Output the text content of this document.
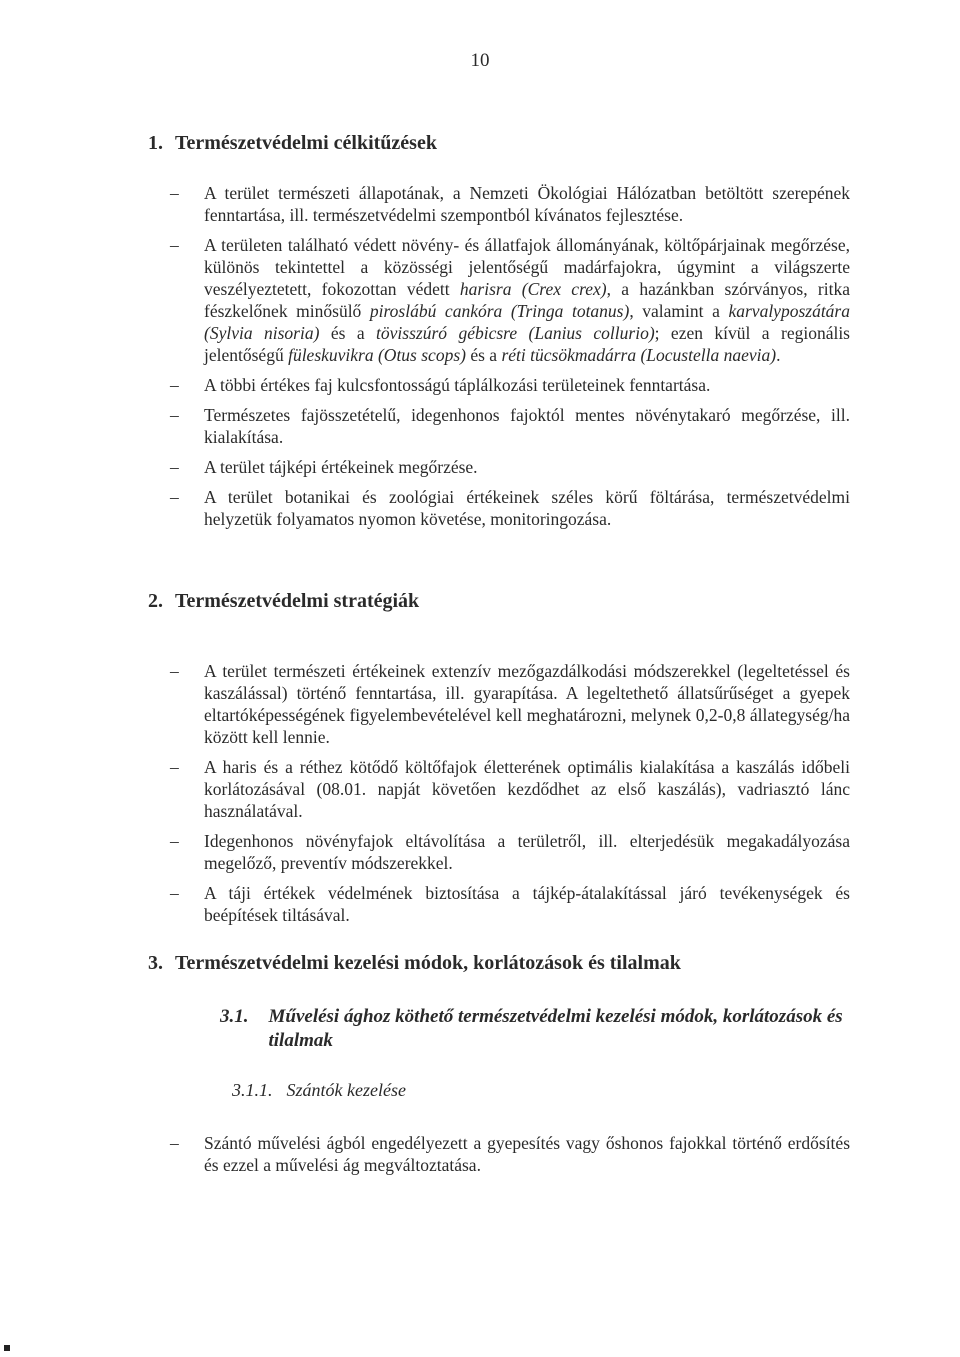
10
1. Természetvédelmi célkitűzések
– A terület természeti állapotának, a Nemzeti Ökológiai Hálózatban betöltött szerepének fenntartása, ill. természetvédelmi szempontból kívánatos fejlesztése.
– A területen található védett növény- és állatfajok állományának, költőpárjainak megőrzése, különös tekintettel a közösségi jelentőségű madárfajokra, úgymint a világszerte veszélyeztetett, fokozottan védett harisra (Crex crex), a hazánkban szórványos, ritka fészkelőnek minősülő piroslábú cankóra (Tringa totanus), valamint a karvalyposzátára (Sylvia nisoria) és a tövisszúró gébicsre (Lanius collurio); ezen kívül a regionális jelentőségű füleskuvikra (Otus scops) és a réti tücsökmadárra (Locustella naevia).
– A többi értékes faj kulcsfontosságú táplálkozási területeinek fenntartása.
– Természetes fajösszetételű, idegenhonos fajoktól mentes növénytakaró megőrzése, ill. kialakítása.
– A terület tájképi értékeinek megőrzése.
– A terület botanikai és zoológiai értékeinek széles körű föltárása, természetvédelmi helyzetük folyamatos nyomon követése, monitoringozása.
2. Természetvédelmi stratégiák
– A terület természeti értékeinek extenzív mezőgazdálkodási módszerekkel (legeltetéssel és kaszálással) történő fenntartása, ill. gyarapítása. A legeltethető állatsűrűséget a gyepek eltartóképességének figyelembevételével kell meghatározni, melynek 0,2-0,8 állategység/ha között kell lennie.
– A haris és a réthez kötődő költőfajok életterének optimális kialakítása a kaszálás időbeli korlátozásával (08.01. napját követően kezdődhet az első kaszálás), vadriasztó lánc használatával.
– Idegenhonos növényfajok eltávolítása a területről, ill. elterjedésük megakadályozása megelőző, preventív módszerekkel.
– A táji értékek védelmének biztosítása a tájkép-átalakítással járó tevékenységek és beépítések tiltásával.
3. Természetvédelmi kezelési módok, korlátozások és tilalmak
3.1. Művelési ághoz köthető természetvédelmi kezelési módok, korlátozások és tilalmak
3.1.1. Szántók kezelése
– Szántó művelési ágból engedélyezett a gyepesítés vagy őshonos fajokkal történő erdősítés és ezzel a művelési ág megváltoztatása.
